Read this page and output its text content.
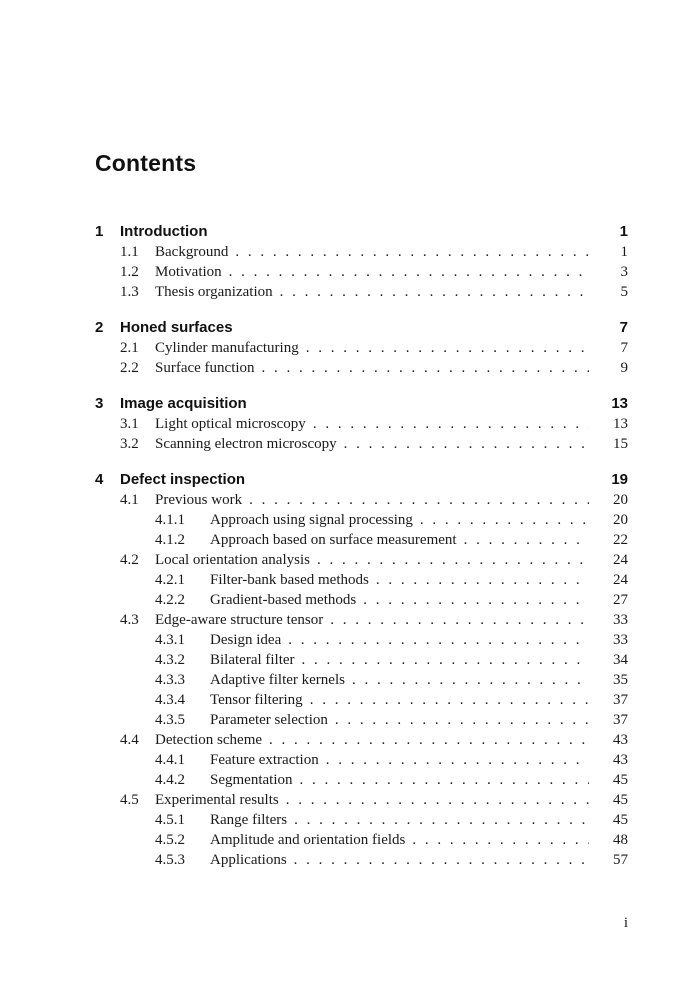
Contents
1	Introduction	1
1.1	Background . . .	1
1.2	Motivation . . .	3
1.3	Thesis organization . . .	5
2	Honed surfaces	7
2.1	Cylinder manufacturing . . .	7
2.2	Surface function . . .	9
3	Image acquisition	13
3.1	Light optical microscopy . . .	13
3.2	Scanning electron microscopy . . .	15
4	Defect inspection	19
4.1	Previous work . . .	20
4.1.1	Approach using signal processing . . .	20
4.1.2	Approach based on surface measurement . . .	22
4.2	Local orientation analysis . . .	24
4.2.1	Filter-bank based methods . . .	24
4.2.2	Gradient-based methods . . .	27
4.3	Edge-aware structure tensor . . .	33
4.3.1	Design idea . . .	33
4.3.2	Bilateral filter . . .	34
4.3.3	Adaptive filter kernels . . .	35
4.3.4	Tensor filtering . . .	37
4.3.5	Parameter selection . . .	37
4.4	Detection scheme . . .	43
4.4.1	Feature extraction . . .	43
4.4.2	Segmentation . . .	45
4.5	Experimental results . . .	45
4.5.1	Range filters . . .	45
4.5.2	Amplitude and orientation fields . . .	48
4.5.3	Applications . . .	57
i
